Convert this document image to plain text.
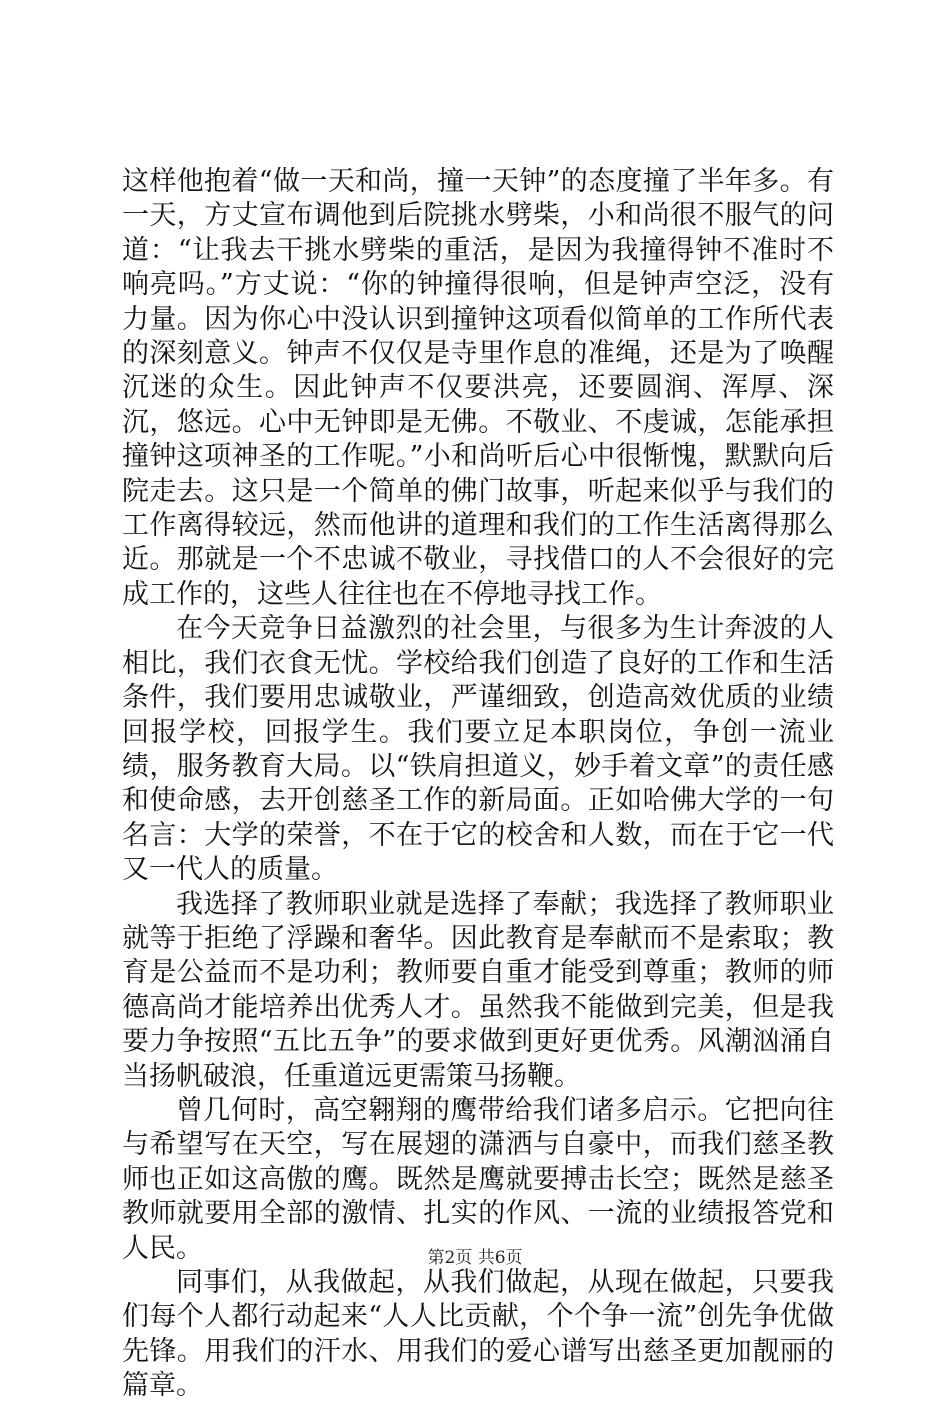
这样他抱着“做一天和尚，撞一天钟”的态度撞了半年多。有一天，方丈宣布调他到后院挑水劈柴，小和尚很不服气的问道：“让我去干挑水劈柴的重活，是因为我撞得钟不准时不响亮吗。”方丈说：“你的钟撞得很响，但是钟声空泛，没有力量。因为你心中没认识到撞钟这项看似简单的工作所代表的深刻意义。钟声不仅仅是寺里作息的准绳，还是为了唤醒沉迷的众生。因此钟声不仅要洪亮，还要圆润、浑厚、深沉，悠远。心中无钟即是无佛。不敬业、不虔诚，怎能承担撞钟这项神圣的工作呢。”小和尚听后心中很惭愧，默默向后院走去。这只是一个简单的佛门故事，听起来似乎与我们的工作离得较远，然而他讲的道理和我们的工作生活离得那么近。那就是一个不忠诚不敬业，寻找借口的人不会很好的完成工作的，这些人往往也在不停地寻找工作。

在今天竞争日益激烈的社会里，与很多为生计奔波的人相比，我们衣食无忧。学校给我们创造了良好的工作和生活条件，我们要用忠诚敬业，严谨细致，创造高效优质的业绩回报学校，回报学生。我们要立足本职岗位，争创一流业绩，服务教育大局。以“铁肩担道义，妙手着文章”的责任感和使命感，去开创慈圣工作的新局面。正如哈佛大学的一句名言：大学的荣誉，不在于它的校舍和人数，而在于它一代又一代人的质量。

我选择了教师职业就是选择了奉献；我选择了教师职业就等于拒绝了浮躁和奢华。因此教育是奉献而不是索取；教育是公益而不是功利；教师要自重才能受到尊重；教师的师德高尚才能培养出优秀人才。虽然我不能做到完美，但是我要力争按照“五比五争”的要求做到更好更优秀。风潮汹涌自当扬帆破浪，任重道远更需策马扬鞭。

曾几何时，高空翱翔的鹰带给我们诸多启示。它把向往与希望写在天空，写在展翅的潇洒与自豪中，而我们慈圣教师也正如这高傲的鹰。既然是鹰就要搏击长空；既然是慈圣教师就要用全部的激情、扎实的作风、一流的业绩报答党和人民。

同事们，从我做起，从我们做起，从现在做起，只要我们每个人都行动起来“人人比贡献，个个争一流”创先争优做先锋。用我们的汗水、用我们的爱心谱写出慈圣更加靓丽的篇章。

第2页 共6页
